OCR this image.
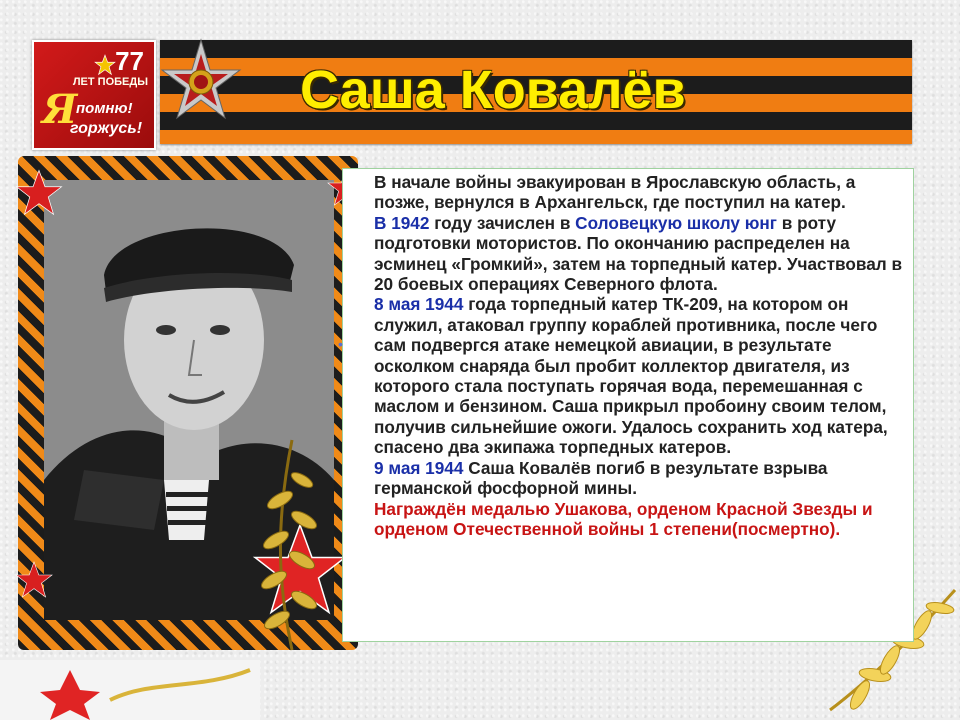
77
ЛЕТ ПОБЕДЫ
Я
помню!
горжусь!
Саша Ковалёв
•

В начале войны эвакуирован в Ярославскую область, а позже, вернулся в Архангельск, где поступил на катер.

В 1942 году зачислен в Соловецкую школу юнг в роту подготовки мотористов. По окончанию распределен на эсминец «Громкий», затем на торпедный катер. Участвовал в 20 боевых операциях Северного флота.

8 мая 1944 года торпедный катер ТК-209, на котором он служил, атаковал группу кораблей противника, после чего сам подвергся атаке немецкой авиации, в результате осколком снаряда был пробит коллектор двигателя, из которого стала поступать горячая вода, перемешанная с маслом и бензином. Саша прикрыл пробоину своим телом, получив сильнейшие ожоги. Удалось сохранить ход катера, спасено два экипажа торпедных катеров.

9 мая 1944 Саша Ковалёв погиб в результате взрыва германской фосфорной мины.

Награждён медалью Ушакова, орденом Красной Звезды и орденом Отечественной войны 1 степени(посмертно).
